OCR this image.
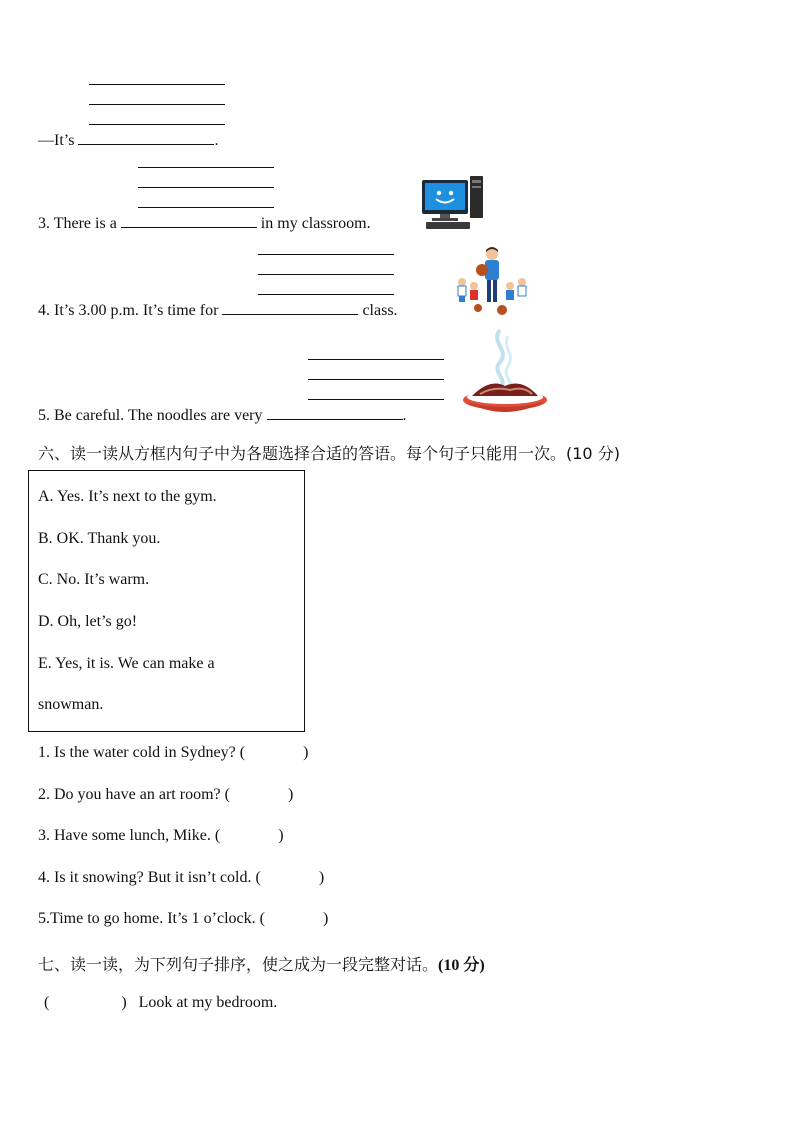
—It’s	.
3. There is a	in my classroom.
4. It’s 3.00 p.m. It’s time for	class.
5. Be careful. The noodles are very	.
六、读一读从方框内句子中为各题选择合适的答语。每个句子只能用一次。(10 分)
A. Yes. It’s next to the gym.
B. OK. Thank you.
C. No. It’s warm.
D. Oh, let’s go!
E. Yes, it is. We can make a
snowman.
1. Is the water cold in Sydney? (	)
2. Do you have an art room? (	)
3. Have some lunch, Mike. (	)
4. Is it snowing? But it isn’t cold. (	)
5.Time to go home. It’s 1 o’clock. (	)
七、读一读，为下列句子排序，使之成为一段完整对话。(10 分)
(	) Look at my bedroom.
